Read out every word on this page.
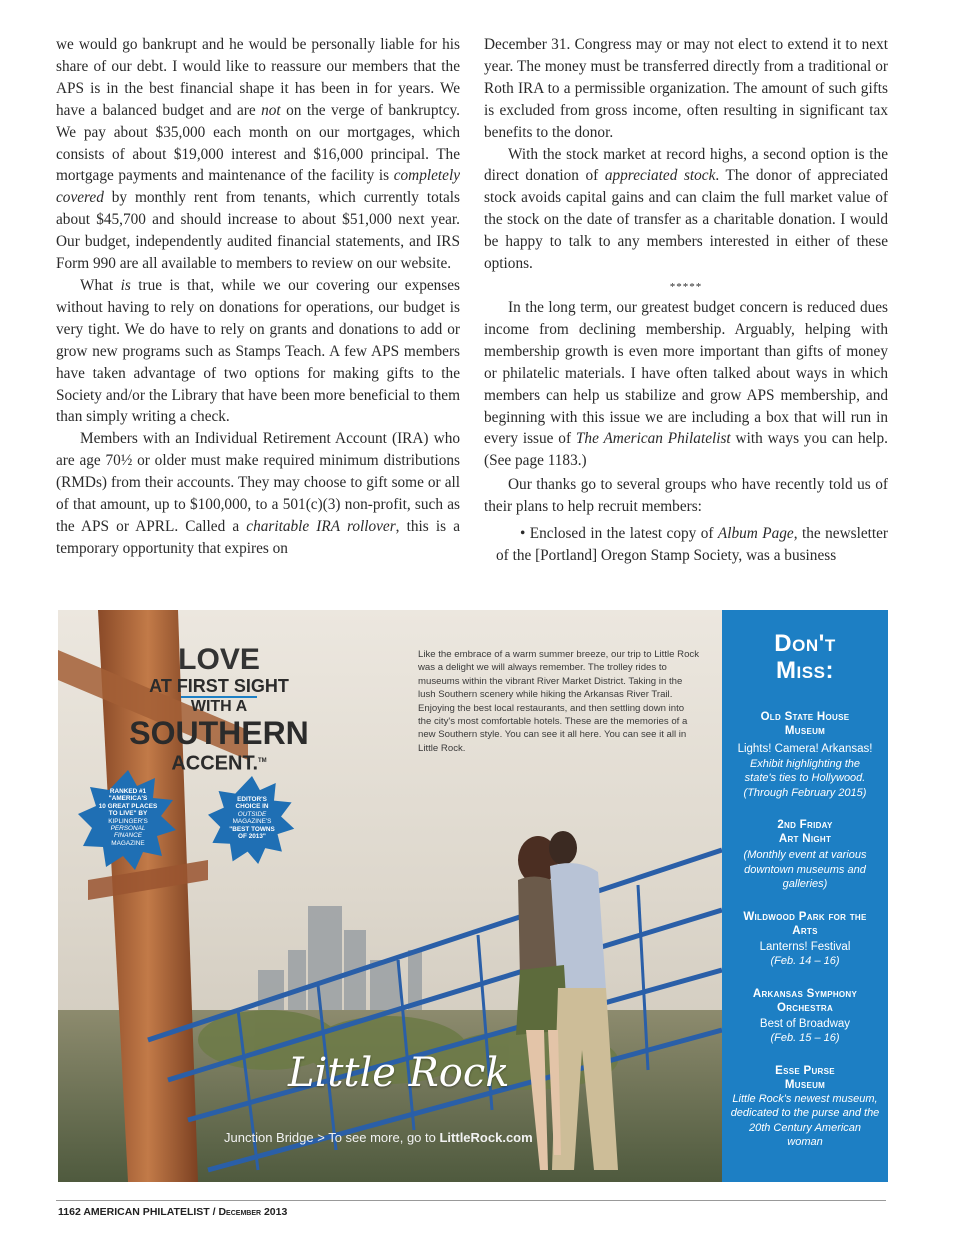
we would go bankrupt and he would be personally liable for his share of our debt. I would like to reassure our members that the APS is in the best financial shape it has been in for years. We have a balanced budget and are not on the verge of bankruptcy. We pay about $35,000 each month on our mortgages, which consists of about $19,000 interest and $16,000 principal. The mortgage payments and maintenance of the facility is completely covered by monthly rent from tenants, which currently totals about $45,700 and should increase to about $51,000 next year. Our budget, independently audited financial statements, and IRS Form 990 are all available to members to review on our website.

What is true is that, while we our covering our expenses without having to rely on donations for operations, our budget is very tight. We do have to rely on grants and donations to add or grow new programs such as Stamps Teach. A few APS members have taken advantage of two options for making gifts to the Society and/or the Library that have been more beneficial to them than simply writing a check.

Members with an Individual Retirement Account (IRA) who are age 70½ or older must make required minimum distributions (RMDs) from their accounts. They may choose to gift some or all of that amount, up to $100,000, to a 501(c)(3) non-profit, such as the APS or APRL. Called a charitable IRA rollover, this is a temporary opportunity that expires on

December 31. Congress may or may not elect to extend it to next year. The money must be transferred directly from a traditional or Roth IRA to a permissible organization. The amount of such gifts is excluded from gross income, often resulting in significant tax benefits to the donor.

With the stock market at record highs, a second option is the direct donation of appreciated stock. The donor of appreciated stock avoids capital gains and can claim the full market value of the stock on the date of transfer as a charitable donation. I would be happy to talk to any members interested in either of these options.

*****

In the long term, our greatest budget concern is reduced dues income from declining membership. Arguably, helping with membership growth is even more important than gifts of money or philatelic materials. I have often talked about ways in which members can help us stabilize and grow APS membership, and beginning with this issue we are including a box that will run in every issue of The American Philatelist with ways you can help. (See page 1183.)

Our thanks go to several groups who have recently told us of their plans to help recruit members:

• Enclosed in the latest copy of Album Page, the newsletter of the [Portland] Oregon Stamp Society, was a business

LOVE
AT FIRST SIGHT
WITH A
SOUTHERN
ACCENT.™
RANKED #1
"AMERICA'S
10 GREAT PLACES
TO LIVE" BY
KIPLINGER'S
PERSONAL
FINANCE
MAGAZINE
EDITOR'S
CHOICE IN
OUTSIDE
MAGAZINE'S
"BEST TOWNS
OF 2013"
Like the embrace of a warm summer breeze, our trip to Little Rock was a delight we will always remember. The trolley rides to museums within the vibrant River Market District. Taking in the lush Southern scenery while hiking the Arkansas River Trail. Enjoying the best local restaurants, and then settling down into the city's most comfortable hotels. These are the memories of a new Southern style. You can see it all here. You can see it all in Little Rock.
Little Rock
Junction Bridge > To see more, go to LittleRock.com
Don't
Miss:
Old State House Museum
Lights! Camera! Arkansas!
Exhibit highlighting the state's ties to Hollywood. (Through February 2015)
2nd Friday Art Night
(Monthly event at various downtown museums and galleries)
Wildwood Park for the Arts
Lanterns! Festival
(Feb. 14 – 16)
Arkansas Symphony Orchestra
Best of Broadway
(Feb. 15 – 16)
Esse Purse Museum
Little Rock's newest museum, dedicated to the purse and the 20th Century American woman
1162 AMERICAN PHILATELIST / December 2013
